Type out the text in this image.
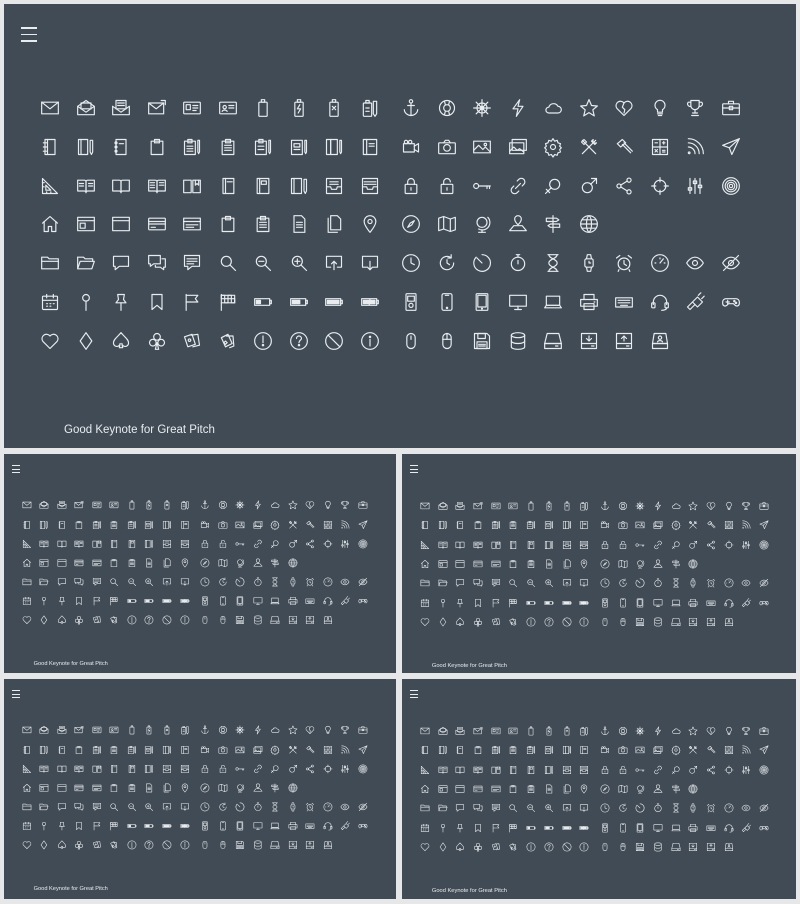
Good Keynote for Great Pitch
Good Keynote for Great Pitch	Good Keynote for Great Pitch
Good Keynote for Great Pitch	Good Keynote for Great Pitch
